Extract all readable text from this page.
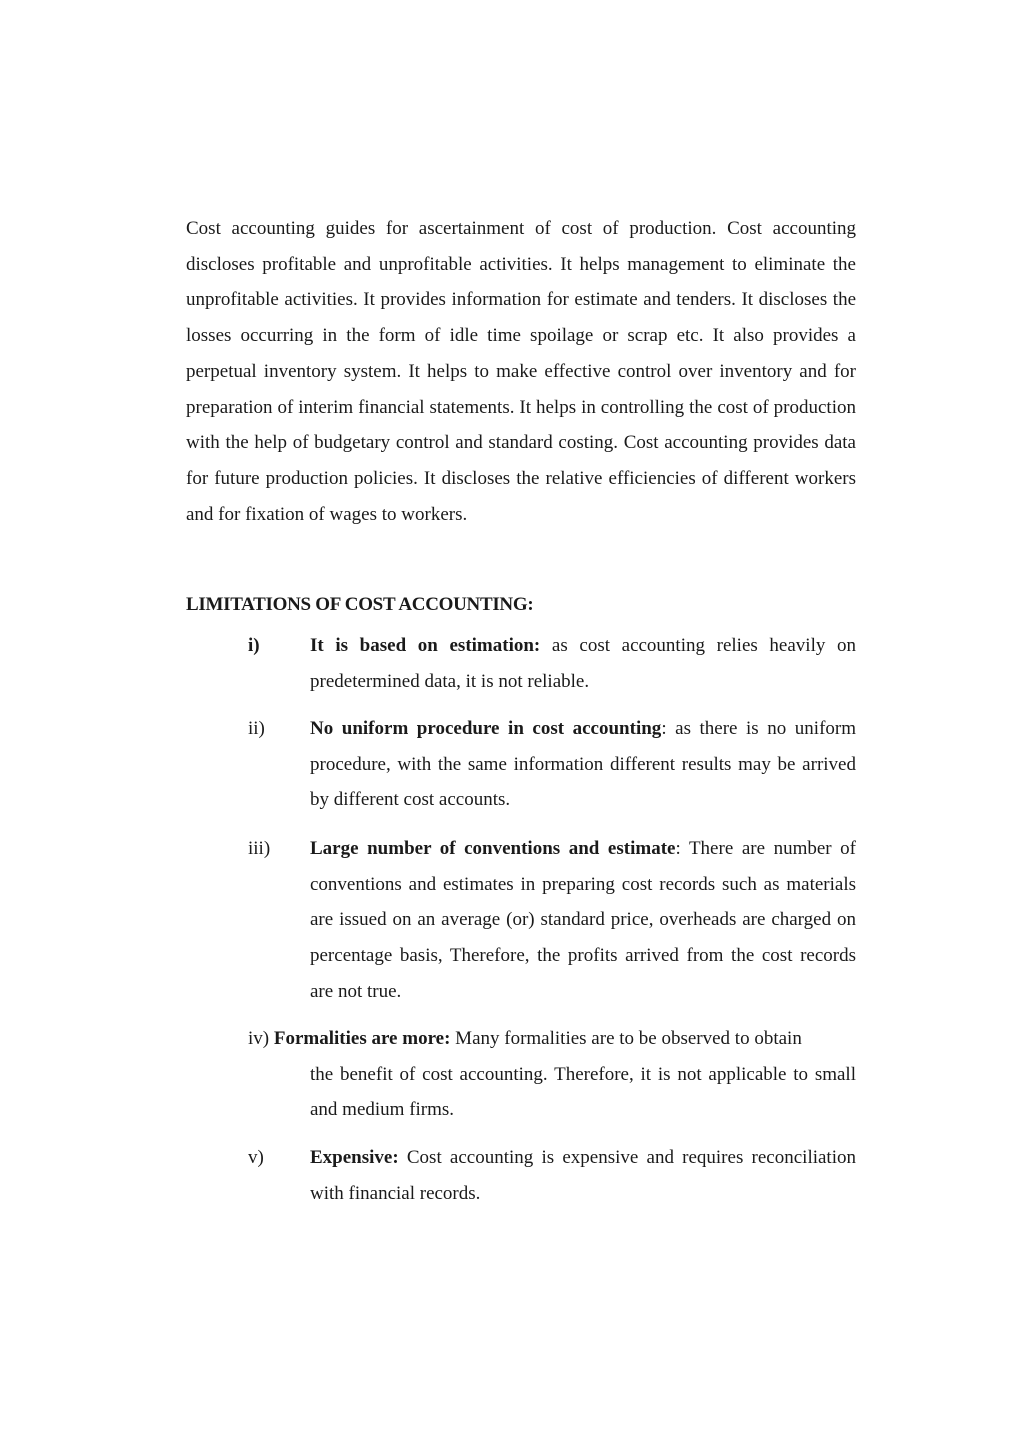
Cost accounting guides for ascertainment of cost of production. Cost accounting discloses profitable and unprofitable activities. It helps management to eliminate the unprofitable activities. It provides information for estimate and tenders. It discloses the losses occurring in the form of idle time spoilage or scrap etc. It also provides a perpetual inventory system. It helps to make effective control over inventory and for preparation of interim financial statements. It helps in controlling the cost of production with the help of budgetary control and standard costing. Cost accounting provides data for future production policies. It discloses the relative efficiencies of different workers and for fixation of wages to workers.

LIMITATIONS OF COST ACCOUNTING:
i)	It is based on estimation: as cost accounting relies heavily on predetermined data, it is not reliable.

ii) No uniform procedure in cost accounting: as there is no uniform procedure, with the same information different results may be arrived by different cost accounts.

iii) Large number of conventions and estimate: There are number of conventions and estimates in preparing cost records such as materials are issued on an average (or) standard price, overheads are charged on percentage basis, Therefore, the profits arrived from the cost records are not true.

iv) Formalities are more: Many formalities are to be observed to obtain

the benefit of cost accounting. Therefore, it is not applicable to small and medium firms.

v) Expensive: Cost accounting is expensive and requires reconciliation with financial records.
